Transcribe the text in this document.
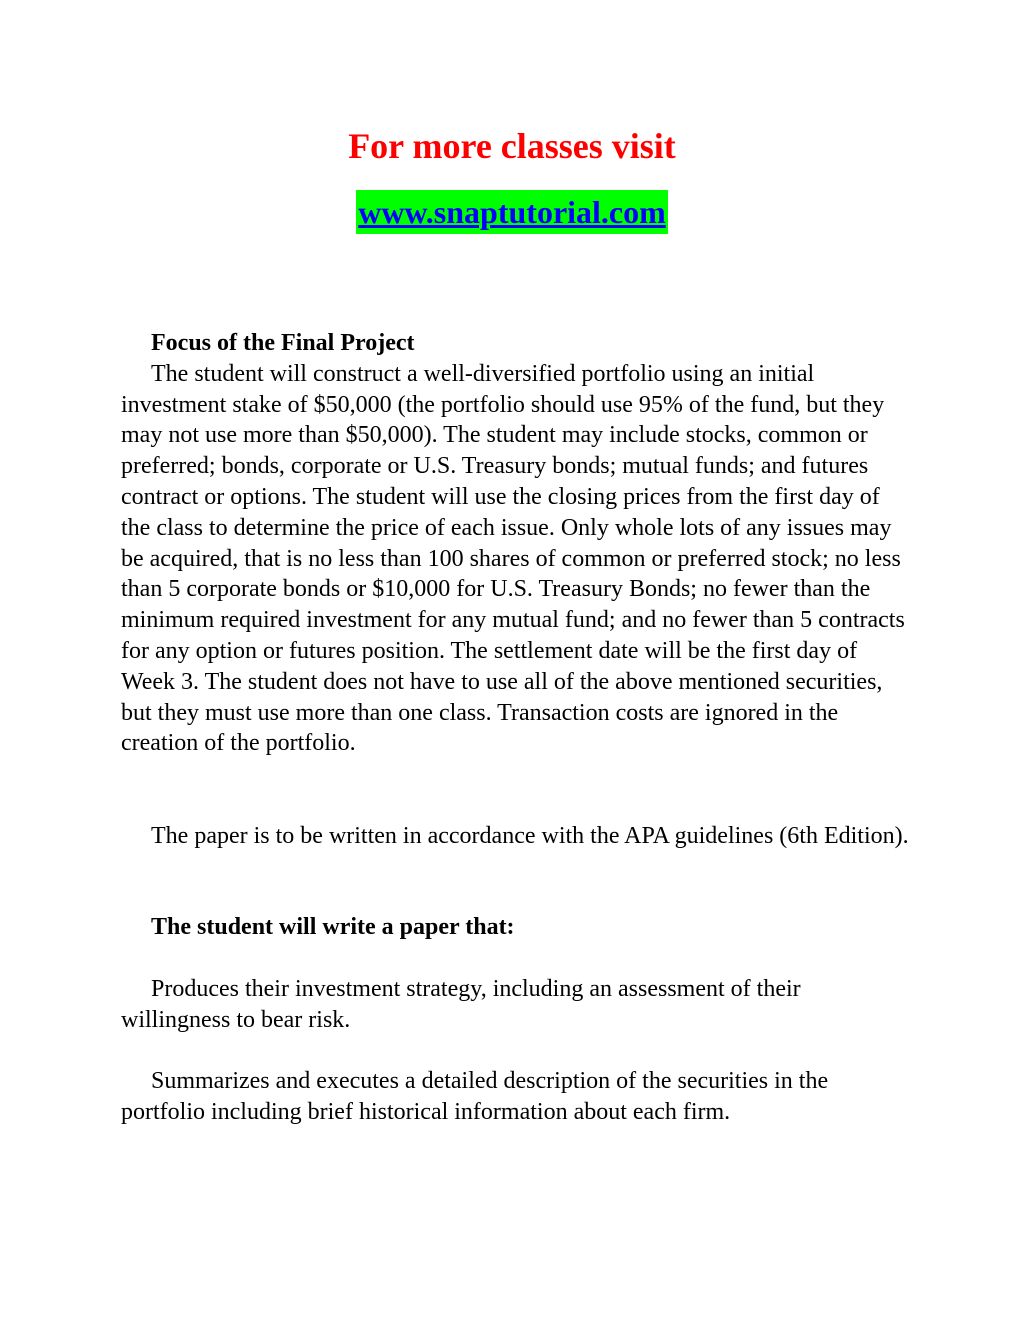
For more classes visit
www.snaptutorial.com
Focus of the Final Project
The student will construct a well-diversified portfolio using an initial investment stake of $50,000 (the portfolio should use 95% of the fund, but they may not use more than $50,000). The student may include stocks, common or preferred; bonds, corporate or U.S. Treasury bonds; mutual funds; and futures contract or options. The student will use the closing prices from the first day of the class to determine the price of each issue. Only whole lots of any issues may be acquired, that is no less than 100 shares of common or preferred stock; no less than 5 corporate bonds or $10,000 for U.S. Treasury Bonds; no fewer than the minimum required investment for any mutual fund; and no fewer than 5 contracts for any option or futures position. The settlement date will be the first day of Week 3. The student does not have to use all of the above mentioned securities, but they must use more than one class. Transaction costs are ignored in the creation of the portfolio.

The paper is to be written in accordance with the APA guidelines (6th Edition).

The student will write a paper that:

Produces their investment strategy, including an assessment of their willingness to bear risk.

Summarizes and executes a detailed description of the securities in the portfolio including brief historical information about each firm.
